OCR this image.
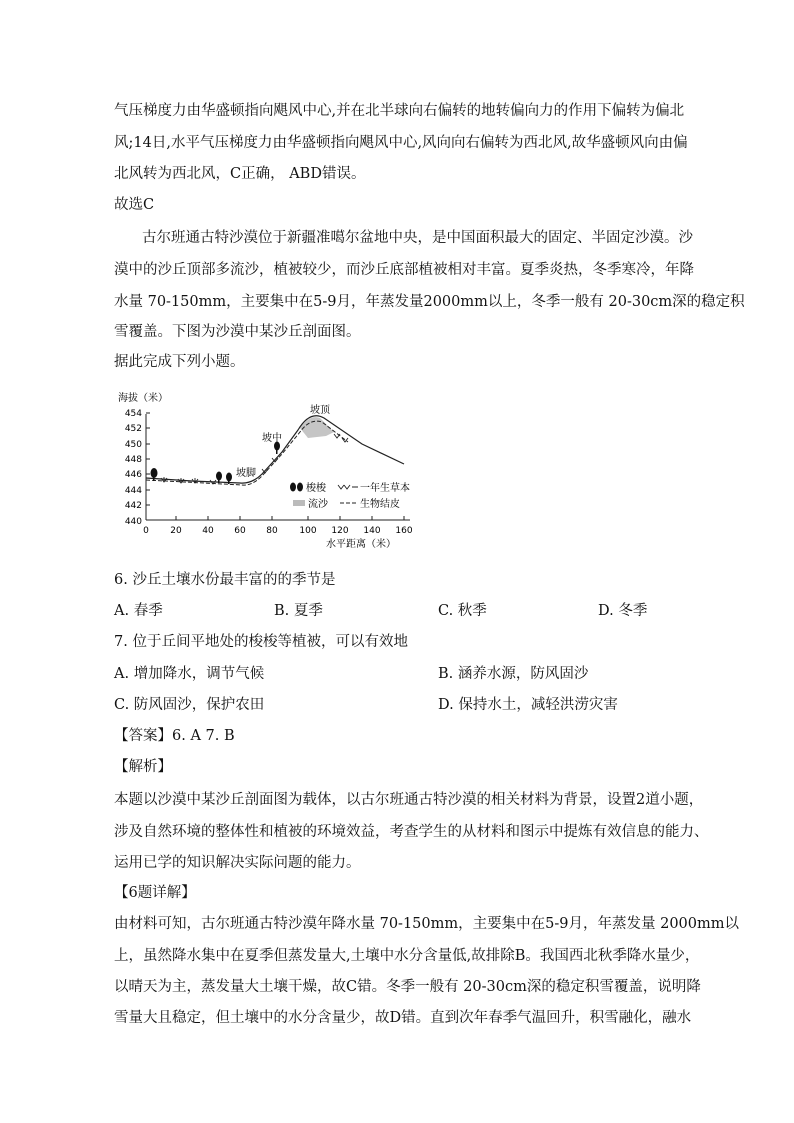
气压梯度力由华盛顿指向飓风中心,并在北半球向右偏转的地转偏向力的作用下偏转为偏北
风;14日,水平气压梯度力由华盛顿指向飓风中心,风向向右偏转为西北风,故华盛顿风向由偏
北风转为西北风，C正确， ABD错误。
故选C
古尔班通古特沙漠位于新疆准噶尔盆地中央，是中国面积最大的固定、半固定沙漠。沙
漠中的沙丘顶部多流沙，植被较少，而沙丘底部植被相对丰富。夏季炎热，冬季寒冷，年降
水量 70-150mm，主要集中在5-9月，年蒸发量2000mm以上，冬季一般有 20-30cm深的稳定积
雪覆盖。下图为沙漠中某沙丘剖面图。
据此完成下列小题。
海拔（米）
454
452
450
448
446
444
442
440
0 20 40 60 80 100 120 140 160
水平距离（米）
坡顶
坡中
坡脚
梭梭	一年生草本
流沙	生物结皮
6. 沙丘土壤水份最丰富的的季节是
A. 春季	B. 夏季	C. 秋季	D. 冬季
7. 位于丘间平地处的梭梭等植被，可以有效地
A. 增加降水，调节气候	B. 涵养水源，防风固沙
C. 防风固沙，保护农田	D. 保持水土，减轻洪涝灾害
【答案】6. A 7. B
【解析】
本题以沙漠中某沙丘剖面图为载体，以古尔班通古特沙漠的相关材料为背景，设置2道小题，
涉及自然环境的整体性和植被的环境效益，考查学生的从材料和图示中提炼有效信息的能力、
运用已学的知识解决实际问题的能力。
【6题详解】
由材料可知，古尔班通古特沙漠年降水量 70-150mm，主要集中在5-9月，年蒸发量 2000mm以
上，虽然降水集中在夏季但蒸发量大,土壤中水分含量低,故排除B。我国西北秋季降水量少，
以晴天为主，蒸发量大土壤干燥，故C错。冬季一般有 20-30cm深的稳定积雪覆盖，说明降
雪量大且稳定，但土壤中的水分含量少，故D错。直到次年春季气温回升，积雪融化，融水
